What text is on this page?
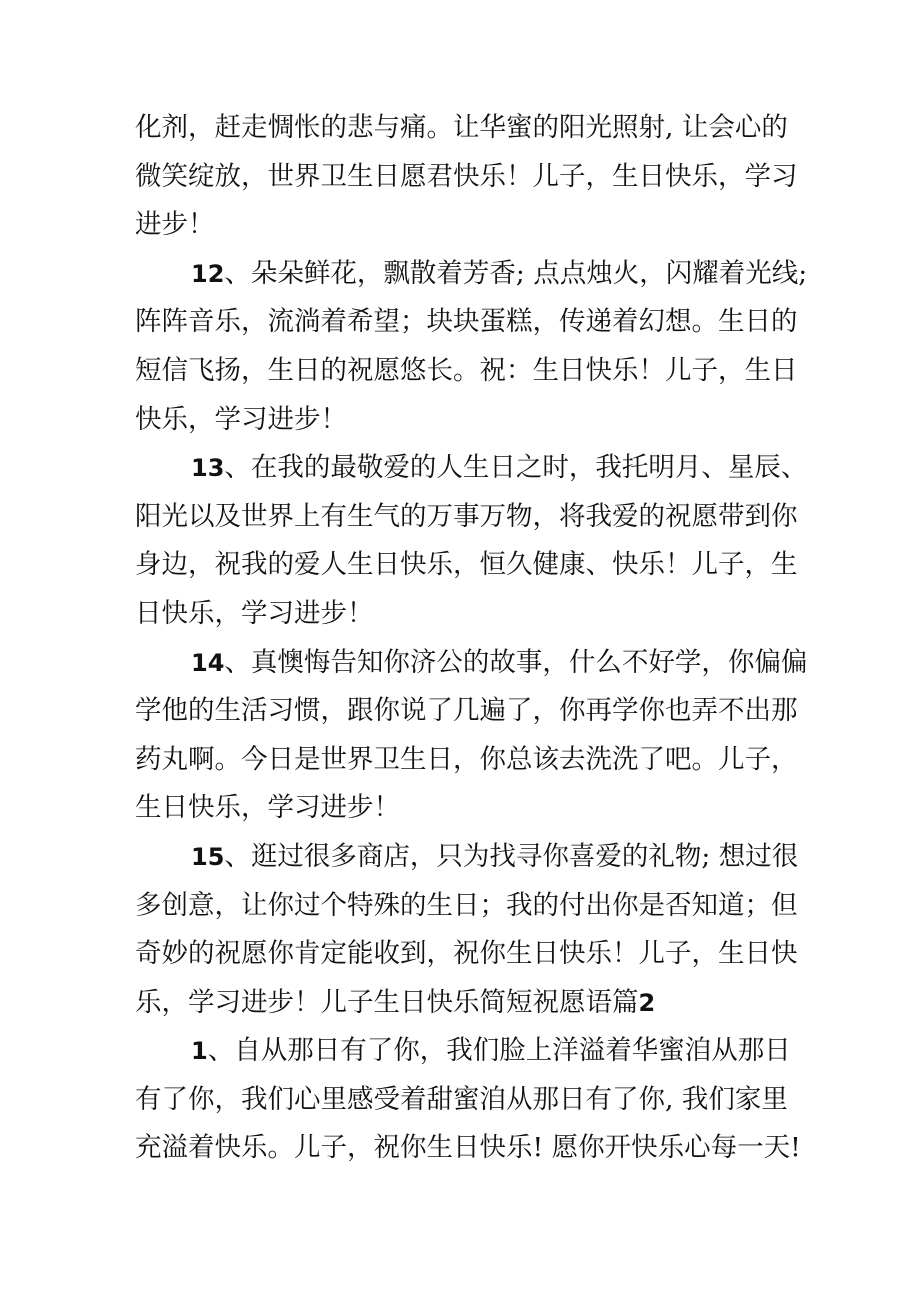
化剂，赶走惆怅的悲与痛。让华蜜的阳光照射, 让会心的
微笑绽放，世界卫生日愿君快乐！儿子，生日快乐，学习
进步！
12、朵朵鲜花，飘散着芳香; 点点烛火，闪耀着光线;
阵阵音乐，流淌着希望；块块蛋糕，传递着幻想。生日的
短信飞扬，生日的祝愿悠长。祝：生日快乐！儿子，生日
快乐，学习进步！
13、在我的最敬爱的人生日之时，我托明月、星辰、
阳光以及世界上有生气的万事万物，将我爱的祝愿带到你
身边，祝我的爱人生日快乐，恒久健康、快乐！儿子，生
日快乐，学习进步！
14、真懊悔告知你济公的故事，什么不好学，你偏偏
学他的生活习惯，跟你说了几遍了，你再学你也弄不出那
药丸啊。今日是世界卫生日，你总该去洗洗了吧。儿子，
生日快乐，学习进步！
15、逛过很多商店，只为找寻你喜爱的礼物; 想过很
多创意，让你过个特殊的生日；我的付出你是否知道；但
奇妙的祝愿你肯定能收到，祝你生日快乐！儿子，生日快
乐，学习进步！儿子生日快乐简短祝愿语篇2
1、自从那日有了你，我们脸上洋溢着华蜜洎从那日
有了你，我们心里感受着甜蜜洎从那日有了你, 我们家里
充溢着快乐。儿子，祝你生日快乐! 愿你开快乐心每一天!
